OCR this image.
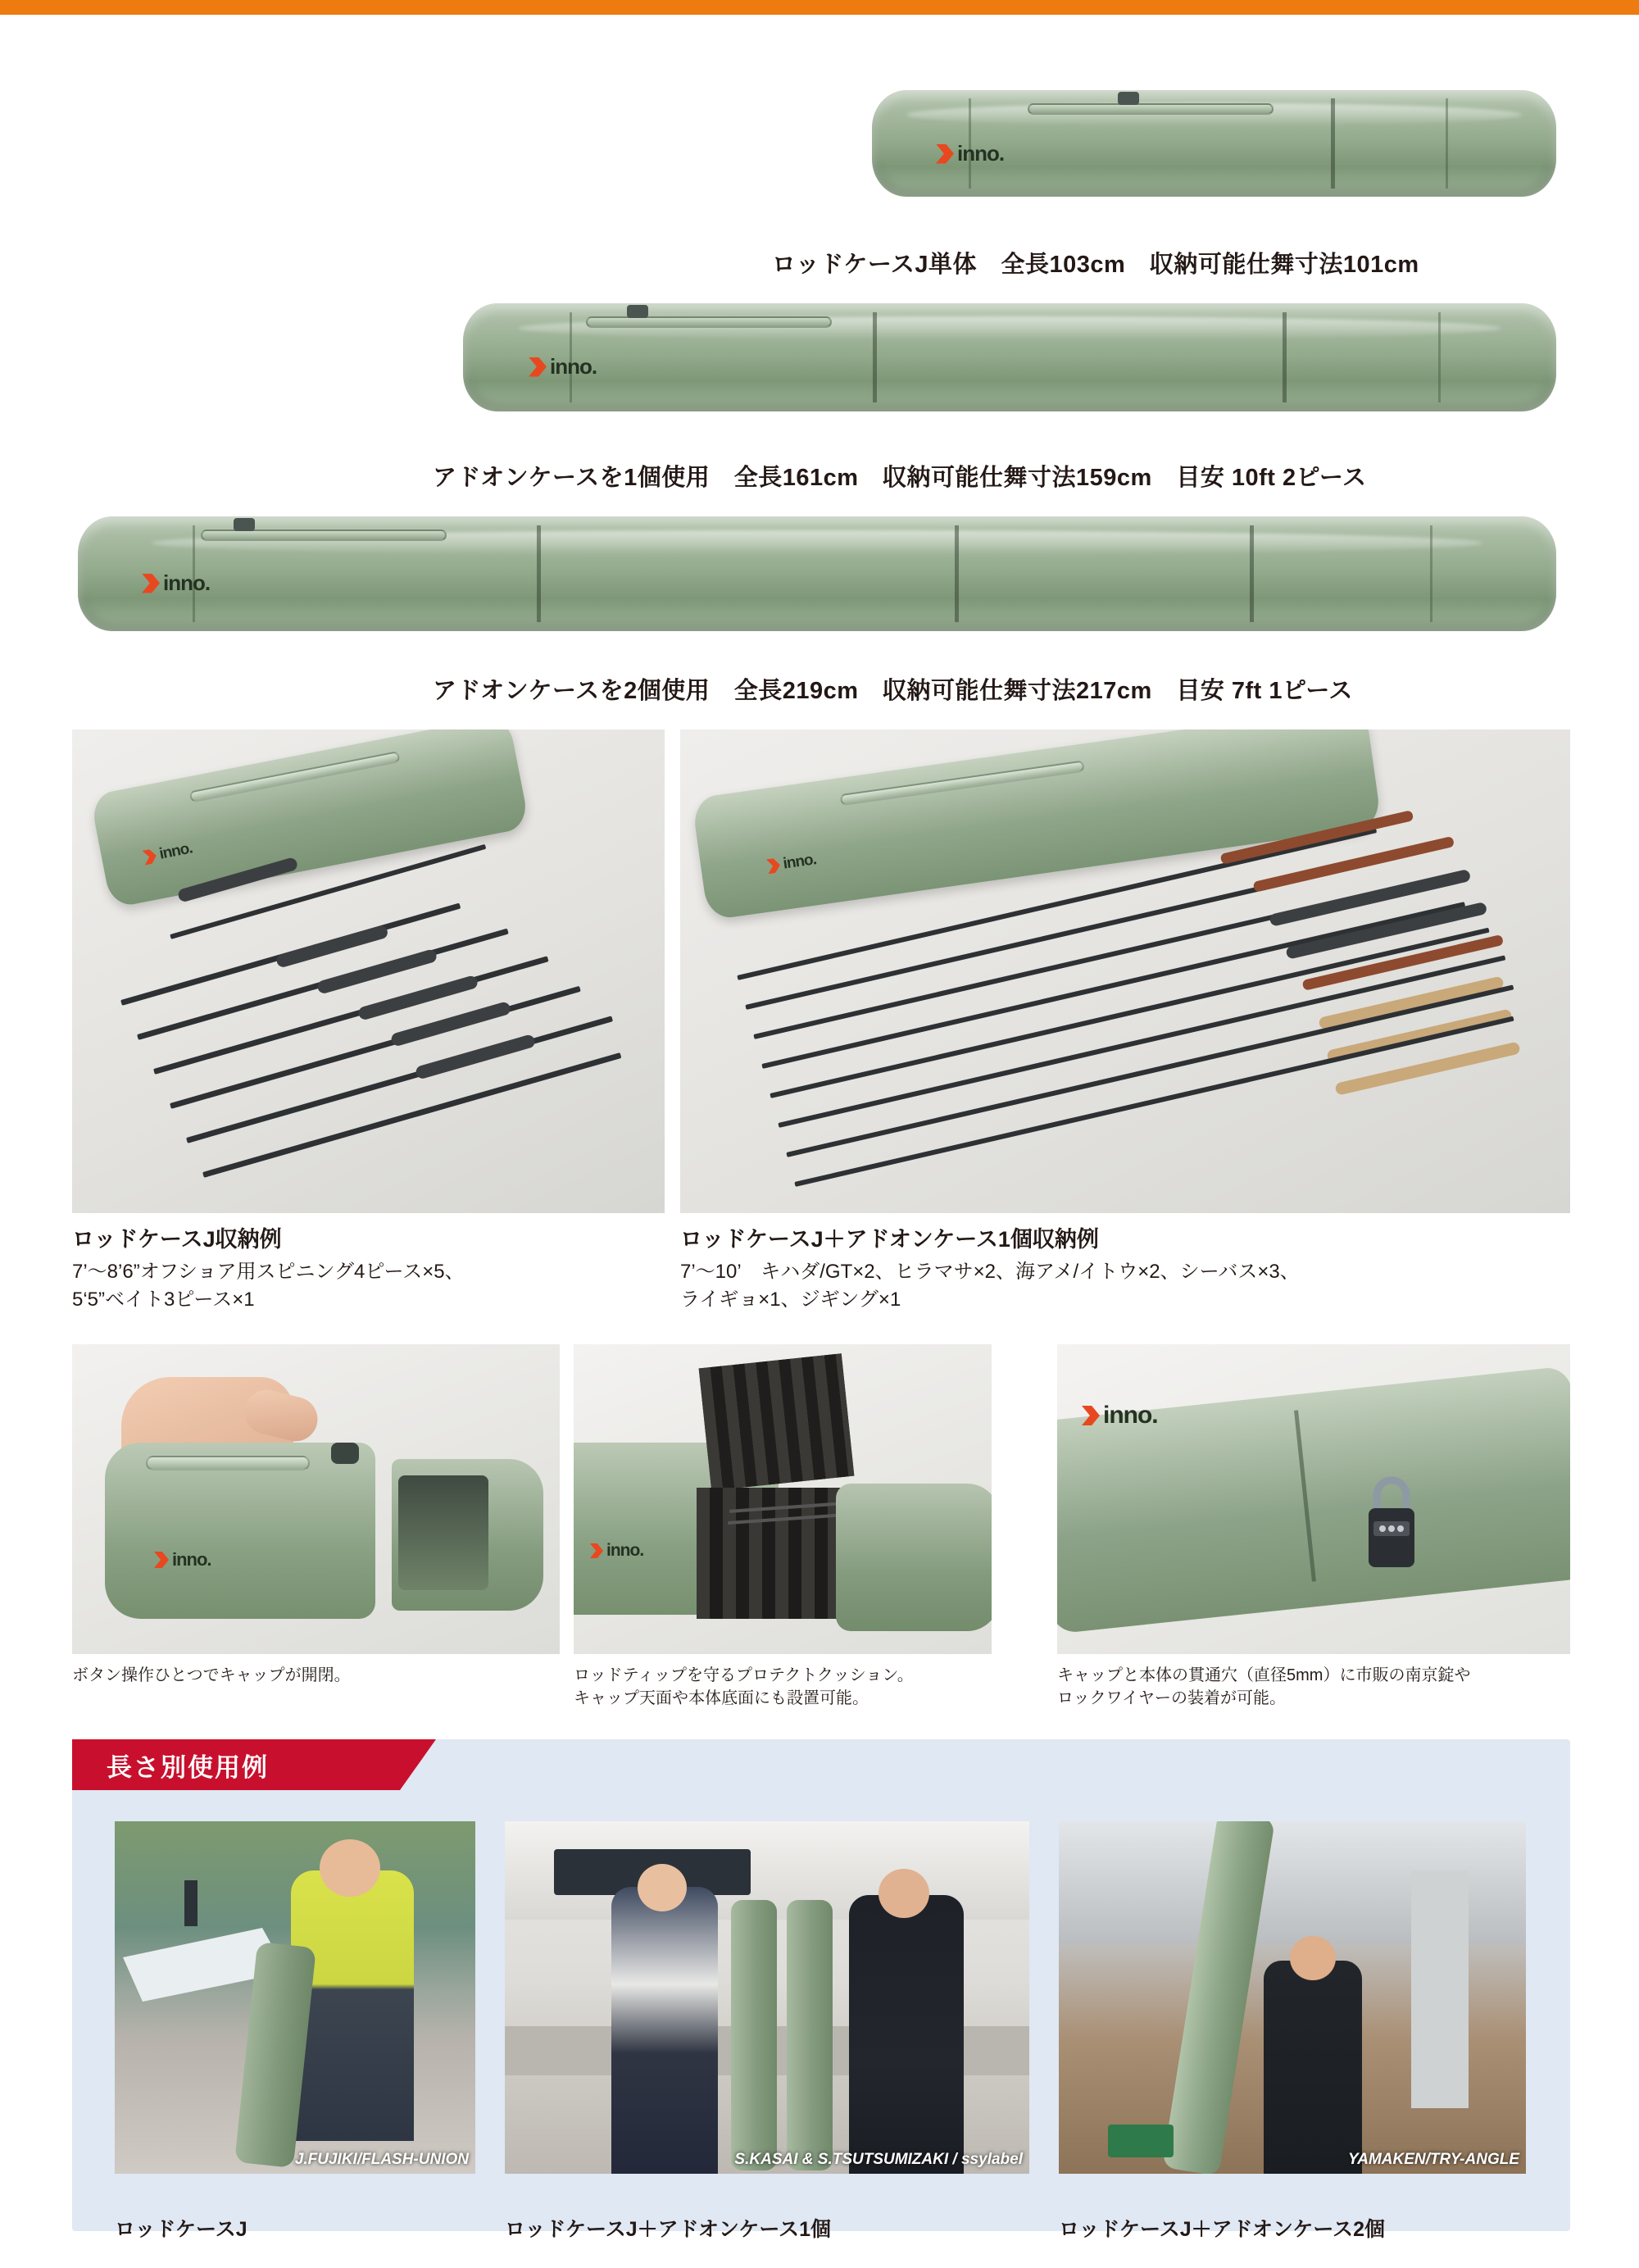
inno.
ロッドケースJ単体　全長103cm　収納可能仕舞寸法101cm
inno.
アドオンケースを1個使用　全長161cm　収納可能仕舞寸法159cm　目安 10ft 2ピース
inno.
アドオンケースを2個使用　全長219cm　収納可能仕舞寸法217cm　目安 7ft 1ピース
inno.	inno.
ロッドケースJ収納例
7’～8’6”オフショア用スピニング4ピース×5、
5‘5”ベイト3ピース×1
ロッドケースJ＋アドオンケース1個収納例
7’～10’　キハダ/GT×2、ヒラマサ×2、海アメ/イトウ×2、シーバス×3、
ライギョ×1、ジギング×1
inno.
ボタン操作ひとつでキャップが開閉。
inno.
ロッドティップを守るプロテクトクッション。
キャップ天面や本体底面にも設置可能。
inno.
キャップと本体の貫通穴（直径5mm）に市販の南京錠や
ロックワイヤーの装着が可能。
長さ別使用例
J.FUJIKI/FLASH-UNION	S.KASAI & S.TSUTSUMIZAKI / ssylabel	YAMAKEN/TRY-ANGLE
ロッドケースJ	ロッドケースJ＋アドオンケース1個	ロッドケースJ＋アドオンケース2個
